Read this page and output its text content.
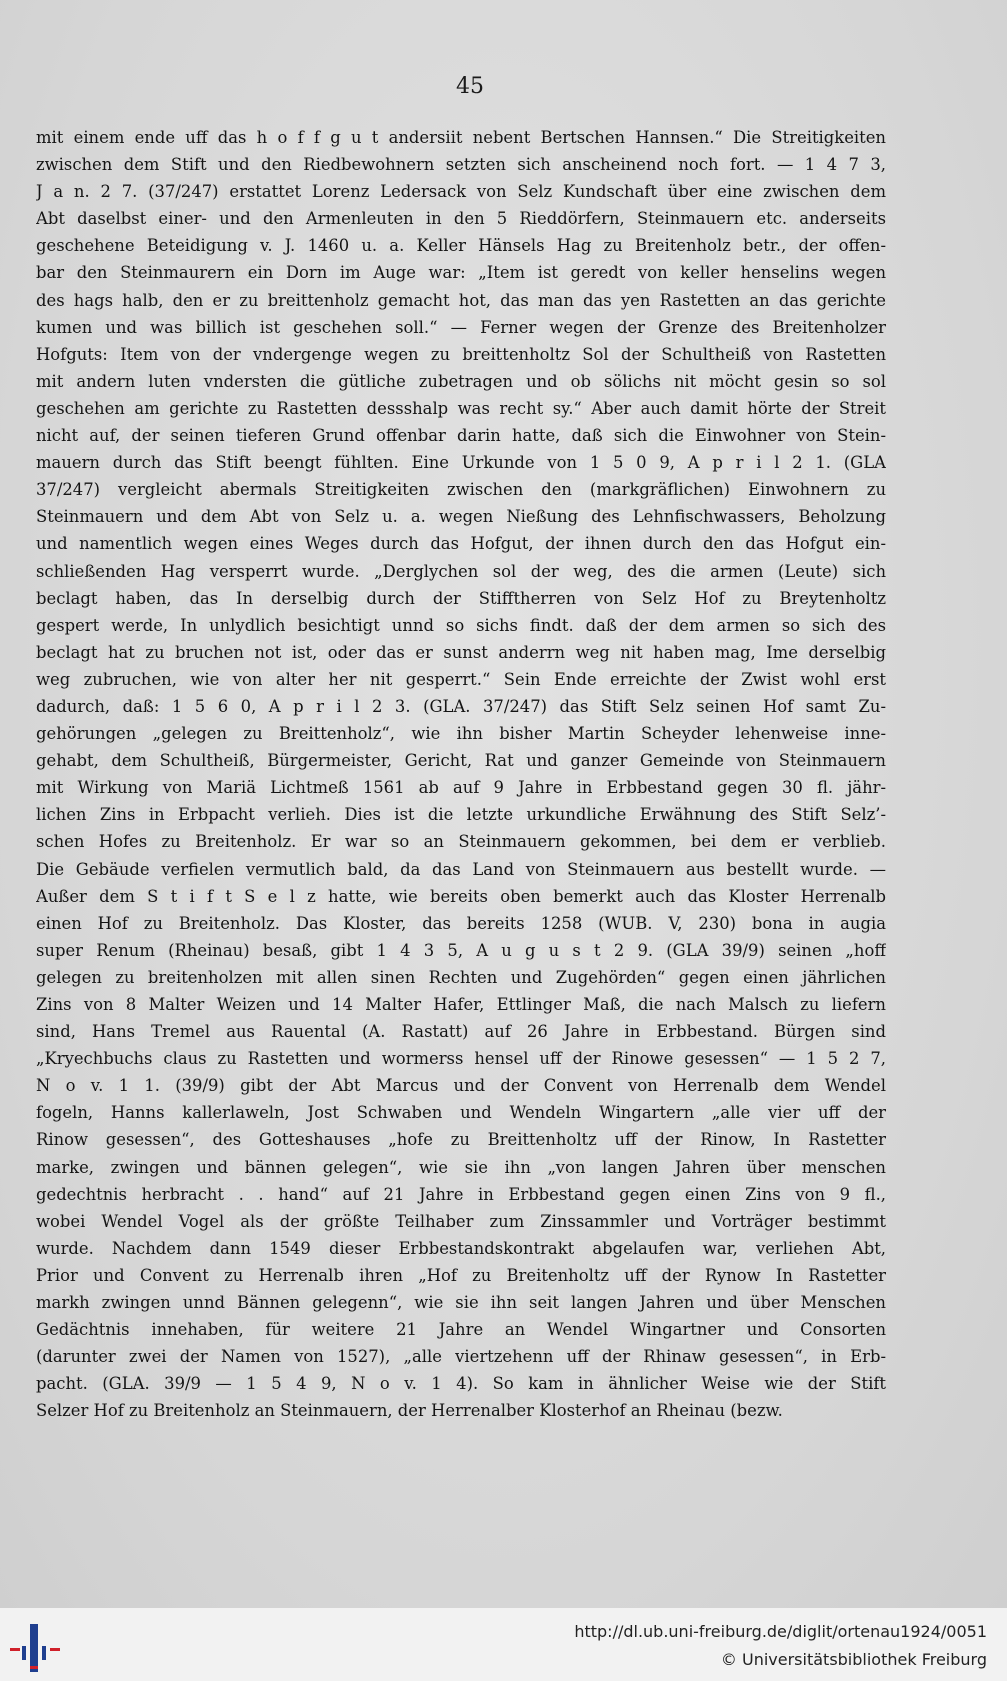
45
mit einem ende uff das h o f f g u t andersiit nebent Bertschen Hannsen.“ Die Streitigkeiten
zwischen dem Stift und den Riedbewohnern setzten sich anscheinend noch fort. — 1 4 7 3,
J a n. 2 7. (37/247) erstattet Lorenz Ledersack von Selz Kundschaft über eine zwischen dem
Abt daselbst einer- und den Armenleuten in den 5 Rieddörfern, Steinmauern etc. anderseits
geschehene Beteidigung v. J. 1460 u. a. Keller Hänsels Hag zu Breitenholz betr., der offen-
bar den Steinmaurern ein Dorn im Auge war: „Item ist geredt von keller henselins wegen
des hags halb, den er zu breittenholz gemacht hot, das man das yen Rastetten an das gerichte
kumen und was billich ist geschehen soll.“ — Ferner wegen der Grenze des Breitenholzer
Hofguts: Item von der vndergenge wegen zu breittenholtz Sol der Schultheiß von Rastetten
mit andern luten vndersten die gütliche zubetragen und ob sölichs nit möcht gesin so sol
geschehen am gerichte zu Rastetten dessshalp was recht sy.“ Aber auch damit hörte der Streit
nicht auf, der seinen tieferen Grund offenbar darin hatte, daß sich die Einwohner von Stein-
mauern durch das Stift beengt fühlten. Eine Urkunde von 1 5 0 9, A p r i l 2 1. (GLA
37/247) vergleicht abermals Streitigkeiten zwischen den (markgräflichen) Einwohnern zu
Steinmauern und dem Abt von Selz u. a. wegen Nießung des Lehnfischwassers, Beholzung
und namentlich wegen eines Weges durch das Hofgut, der ihnen durch den das Hofgut ein-
schließenden Hag versperrt wurde. „Derglychen sol der weg, des die armen (Leute) sich
beclagt haben, das In derselbig durch der Stifftherren von Selz Hof zu Breytenholtz
gespert werde, In unlydlich besichtigt unnd so sichs findt. daß der dem armen so sich des
beclagt hat zu bruchen not ist, oder das er sunst anderrn weg nit haben mag, Ime derselbig
weg zubruchen, wie von alter her nit gesperrt.“ Sein Ende erreichte der Zwist wohl erst
dadurch, daß: 1 5 6 0, A p r i l 2 3. (GLA. 37/247) das Stift Selz seinen Hof samt Zu-
gehörungen „gelegen zu Breittenholz“, wie ihn bisher Martin Scheyder lehenweise inne-
gehabt, dem Schultheiß, Bürgermeister, Gericht, Rat und ganzer Gemeinde von Steinmauern
mit Wirkung von Mariä Lichtmeß 1561 ab auf 9 Jahre in Erbbestand gegen 30 fl. jähr-
lichen Zins in Erbpacht verlieh. Dies ist die letzte urkundliche Erwähnung des Stift Selz’-
schen Hofes zu Breitenholz. Er war so an Steinmauern gekommen, bei dem er verblieb.
Die Gebäude verfielen vermutlich bald, da das Land von Steinmauern aus bestellt wurde. —
Außer dem S t i f t S e l z hatte, wie bereits oben bemerkt auch das Kloster Herrenalb
einen Hof zu Breitenholz. Das Kloster, das bereits 1258 (WUB. V, 230) bona in augia
super Renum (Rheinau) besaß, gibt 1 4 3 5, A u g u s t 2 9. (GLA 39/9) seinen „hoff
gelegen zu breitenholzen mit allen sinen Rechten und Zugehörden“ gegen einen jährlichen
Zins von 8 Malter Weizen und 14 Malter Hafer, Ettlinger Maß, die nach Malsch zu liefern
sind, Hans Tremel aus Rauental (A. Rastatt) auf 26 Jahre in Erbbestand. Bürgen sind
„Kryechbuchs claus zu Rastetten und wormerss hensel uff der Rinowe gesessen“ — 1 5 2 7,
N o v. 1 1. (39/9) gibt der Abt Marcus und der Convent von Herrenalb dem Wendel
fogeln, Hanns kallerlaweln, Jost Schwaben und Wendeln Wingartern „alle vier uff der
Rinow gesessen“, des Gotteshauses „hofe zu Breittenholtz uff der Rinow, In Rastetter
marke, zwingen und bännen gelegen“, wie sie ihn „von langen Jahren über menschen
gedechtnis herbracht . . hand“ auf 21 Jahre in Erbbestand gegen einen Zins von 9 fl.,
wobei Wendel Vogel als der größte Teilhaber zum Zinssammler und Vorträger bestimmt
wurde. Nachdem dann 1549 dieser Erbbestandskontrakt abgelaufen war, verliehen Abt,
Prior und Convent zu Herrenalb ihren „Hof zu Breitenholtz uff der Rynow In Rastetter
markh zwingen unnd Bännen gelegenn“, wie sie ihn seit langen Jahren und über Menschen
Gedächtnis innehaben, für weitere 21 Jahre an Wendel Wingartner und Consorten
(darunter zwei der Namen von 1527), „alle viertzehenn uff der Rhinaw gesessen“, in Erb-
pacht. (GLA. 39/9 — 1 5 4 9, N o v. 1 4). So kam in ähnlicher Weise wie der Stift
Selzer Hof zu Breitenholz an Steinmauern, der Herrenalber Klosterhof an Rheinau (bezw.
http://dl.ub.uni-freiburg.de/diglit/ortenau1924/0051
© Universitätsbibliothek Freiburg
